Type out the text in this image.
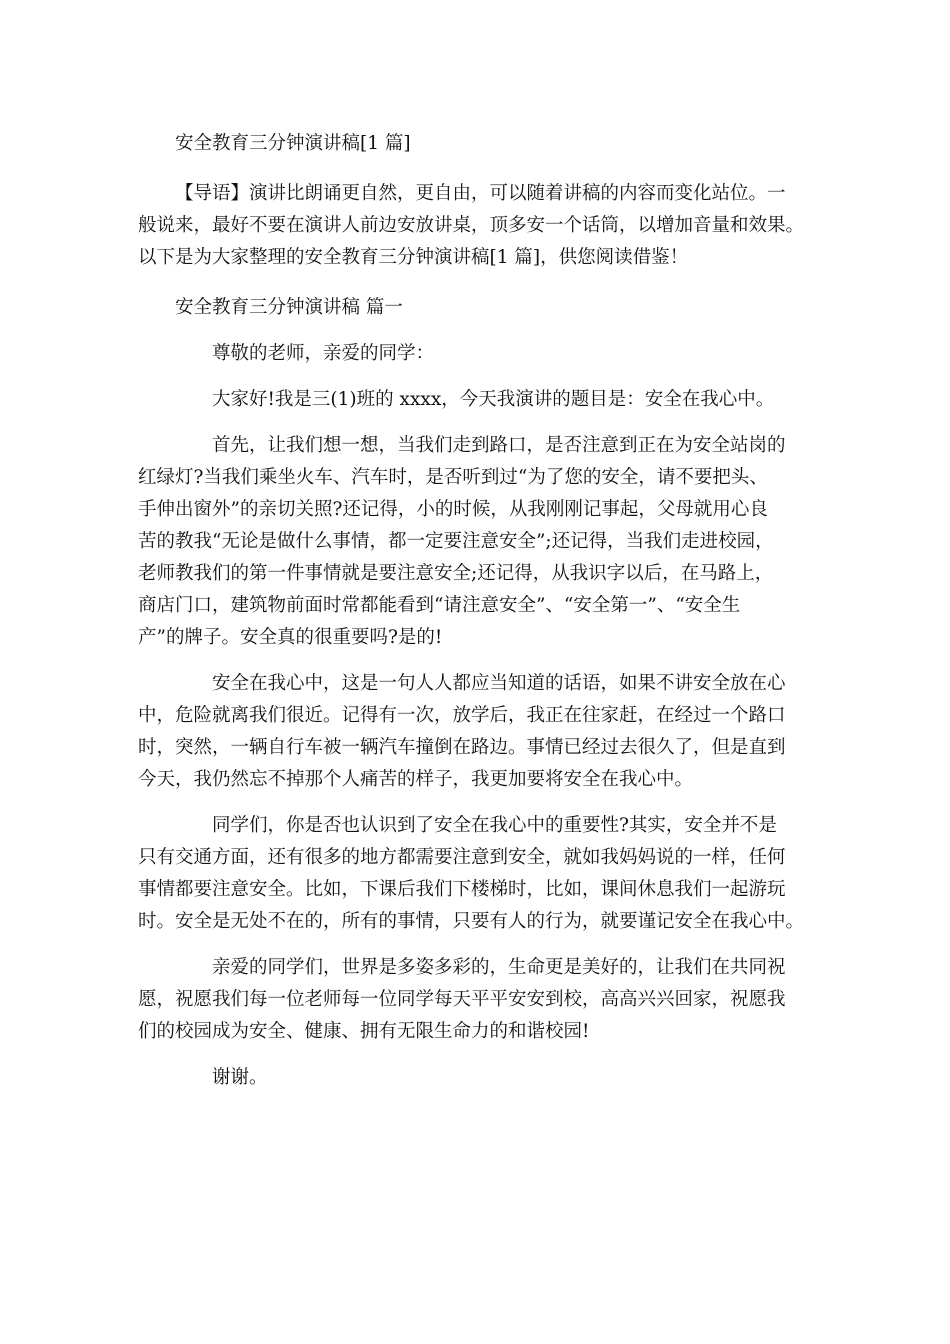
安全教育三分钟演讲稿[1 篇]
【导语】演讲比朗诵更自然，更自由，可以随着讲稿的内容而变化站位。一
般说来，最好不要在演讲人前边安放讲桌，顶多安一个话筒，以增加音量和效果。
以下是为大家整理的安全教育三分钟演讲稿[1 篇]，供您阅读借鉴！
安全教育三分钟演讲稿 篇一
尊敬的老师，亲爱的同学：
大家好!我是三(1)班的 xxxx，今天我演讲的题目是：安全在我心中。
首先，让我们想一想，当我们走到路口，是否注意到正在为安全站岗的
红绿灯?当我们乘坐火车、汽车时，是否听到过“为了您的安全，请不要把头、
手伸出窗外”的亲切关照?还记得，小的时候，从我刚刚记事起，父母就用心良
苦的教我“无论是做什么事情，都一定要注意安全”;还记得，当我们走进校园，
老师教我们的第一件事情就是要注意安全;还记得，从我识字以后，在马路上，
商店门口，建筑物前面时常都能看到“请注意安全”、“安全第一”、“安全生
产”的牌子。安全真的很重要吗?是的!
安全在我心中，这是一句人人都应当知道的话语，如果不讲安全放在心
中，危险就离我们很近。记得有一次，放学后，我正在往家赶，在经过一个路口
时，突然，一辆自行车被一辆汽车撞倒在路边。事情已经过去很久了，但是直到
今天，我仍然忘不掉那个人痛苦的样子，我更加要将安全在我心中。
同学们，你是否也认识到了安全在我心中的重要性?其实，安全并不是
只有交通方面，还有很多的地方都需要注意到安全，就如我妈妈说的一样，任何
事情都要注意安全。比如，下课后我们下楼梯时，比如，课间休息我们一起游玩
时。安全是无处不在的，所有的事情，只要有人的行为，就要谨记安全在我心中。
亲爱的同学们，世界是多姿多彩的，生命更是美好的，让我们在共同祝
愿，祝愿我们每一位老师每一位同学每天平平安安到校，高高兴兴回家，祝愿我
们的校园成为安全、健康、拥有无限生命力的和谐校园!
谢谢。
